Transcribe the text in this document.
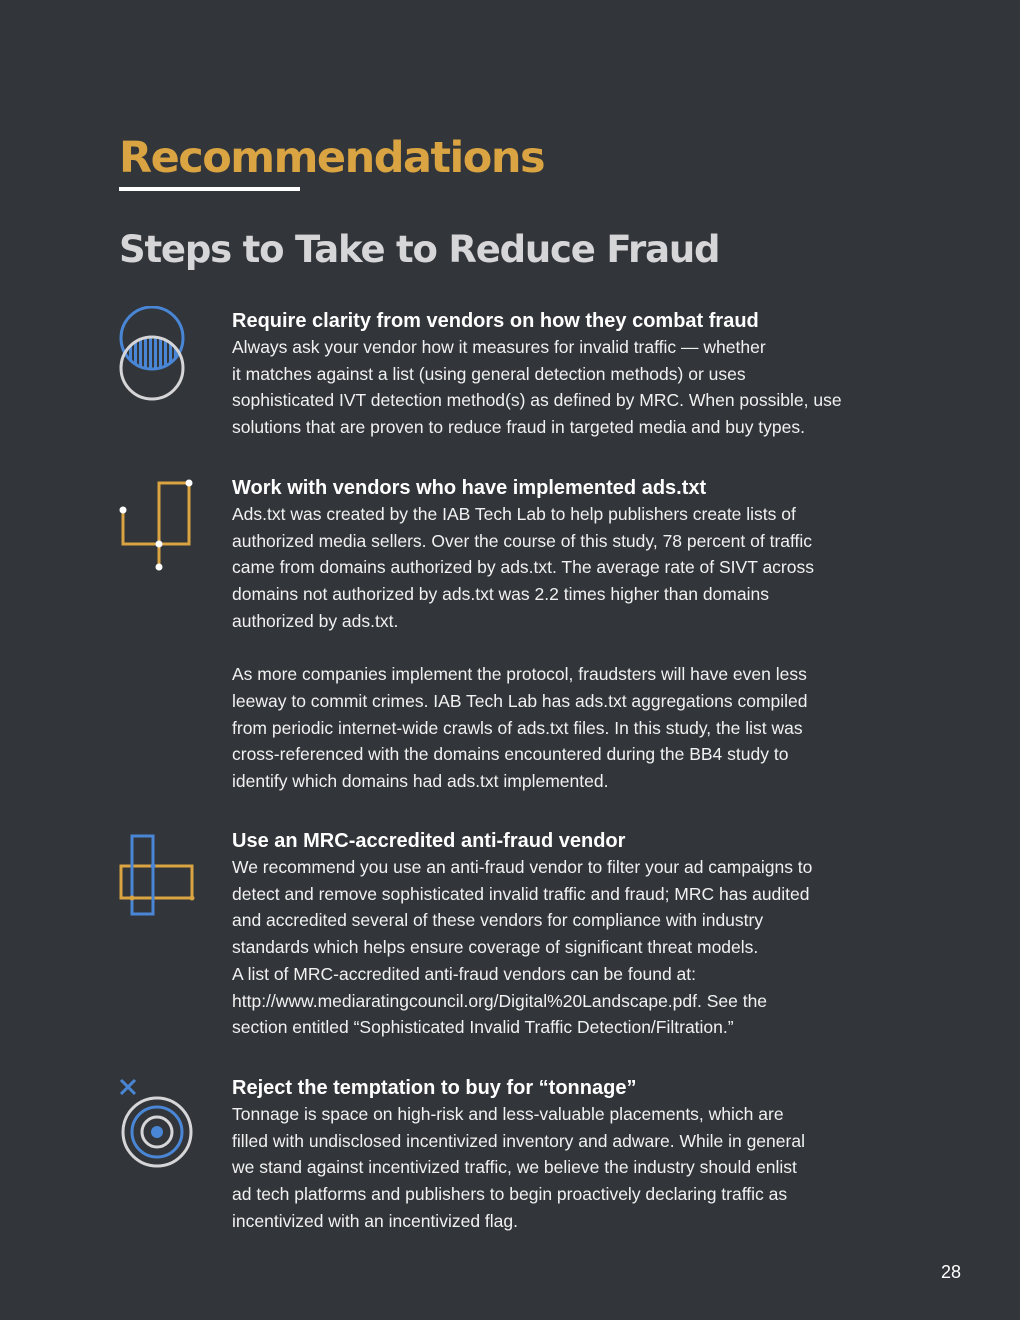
Recommendations
Steps to Take to Reduce Fraud

Require clarity from vendors on how they combat fraud

Always ask your vendor how it measures for invalid traffic — whether
it matches against a list (using general detection methods) or uses
sophisticated IVT detection method(s) as defined by MRC. When possible, use
solutions that are proven to reduce fraud in targeted media and buy types.

Work with vendors who have implemented ads.txt

Ads.txt was created by the IAB Tech Lab to help publishers create lists of
authorized media sellers. Over the course of this study, 78 percent of traffic
came from domains authorized by ads.txt. The average rate of SIVT across
domains not authorized by ads.txt was 2.2 times higher than domains
authorized by ads.txt.

As more companies implement the protocol, fraudsters will have even less
leeway to commit crimes. IAB Tech Lab has ads.txt aggregations compiled
from periodic internet-wide crawls of ads.txt files. In this study, the list was
cross-referenced with the domains encountered during the BB4 study to
identify which domains had ads.txt implemented.

Use an MRC-accredited anti-fraud vendor

We recommend you use an anti-fraud vendor to filter your ad campaigns to
detect and remove sophisticated invalid traffic and fraud; MRC has audited
and accredited several of these vendors for compliance with industry
standards which helps ensure coverage of significant threat models.
A list of MRC-accredited anti-fraud vendors can be found at:
http://www.mediaratingcouncil.org/Digital%20Landscape.pdf. See the
section entitled “Sophisticated Invalid Traffic Detection/Filtration.”

Reject the temptation to buy for “tonnage”

Tonnage is space on high-risk and less-valuable placements, which are
filled with undisclosed incentivized inventory and adware. While in general
we stand against incentivized traffic, we believe the industry should enlist
ad tech platforms and publishers to begin proactively declaring traffic as
incentivized with an incentivized flag.

28
